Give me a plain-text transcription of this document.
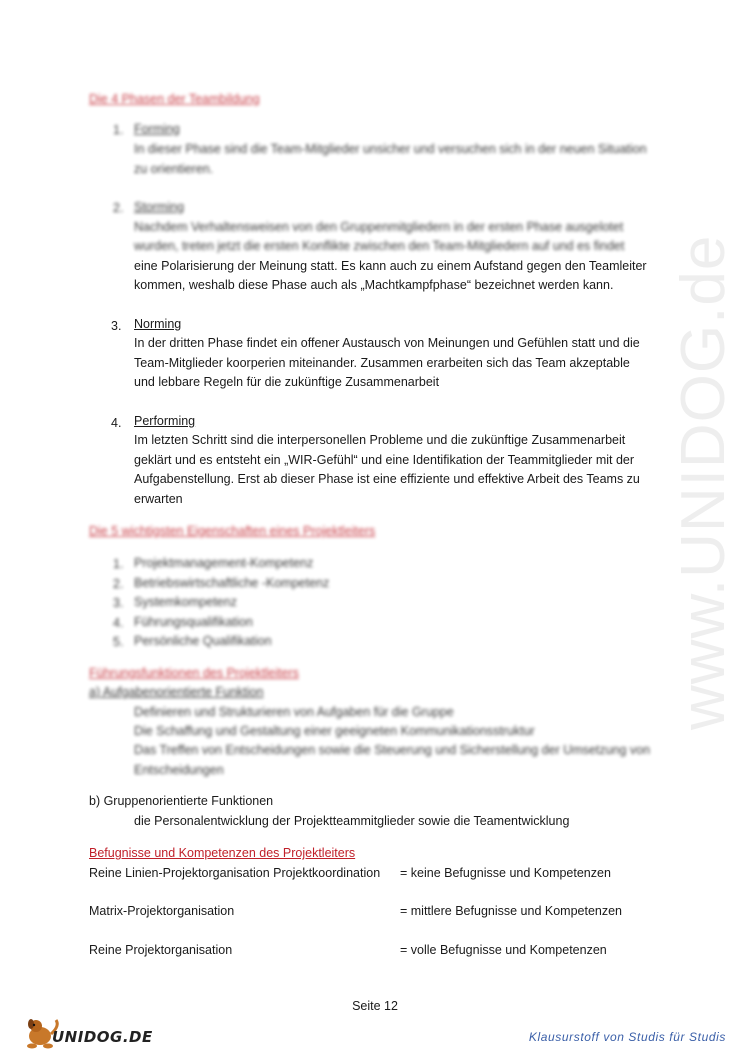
www.UNIDOG.de
Die 4 Phasen der Teambildung
1. Forming
In dieser Phase sind die Team-Mitglieder unsicher und versuchen sich in der neuen Situation
zu orientieren.
2. Storming
Nachdem Verhaltensweisen von den Gruppenmitgliedern in der ersten Phase ausgelotet
wurden, treten jetzt die ersten Konflikte zwischen den Team-Mitgliedern auf und es findet
eine Polarisierung der Meinung statt. Es kann auch zu einem Aufstand gegen den Teamleiter
kommen, weshalb diese Phase auch als „Machtkampfphase“ bezeichnet werden kann.
3. Norming
In der dritten Phase findet ein offener Austausch von Meinungen und Gefühlen statt und die
Team-Mitglieder koorperien miteinander. Zusammen erarbeiten sich das Team akzeptable
und lebbare Regeln für die zukünftige Zusammenarbeit
4. Performing
Im letzten Schritt sind die interpersonellen Probleme und die zukünftige Zusammenarbeit
geklärt und es entsteht ein „WIR-Gefühl“ und eine Identifikation der Teammitglieder mit der
Aufgabenstellung. Erst ab dieser Phase ist eine effiziente und effektive Arbeit des Teams zu
erwarten
Die 5 wichtigsten Eigenschaften eines Projektleiters
1. Projektmanagement-Kompetenz
2. Betriebswirtschaftliche -Kompetenz
3. Systemkompetenz
4. Führungsqualifikation
5. Persönliche Qualifikation
Führungsfunktionen des Projektleiters
a) Aufgabenorientierte Funktion
Definieren und Strukturieren von Aufgaben für die Gruppe
Die Schaffung und Gestaltung einer geeigneten Kommunikationsstruktur
Das Treffen von Entscheidungen sowie die Steuerung und Sicherstellung der Umsetzung von
Entscheidungen
b) Gruppenorientierte Funktionen
die Personalentwicklung der Projektteammitglieder sowie die Teamentwicklung
Befugnisse und Kompetenzen des Projektleiters
Reine Linien-Projektorganisation Projektkoordination = keine Befugnisse und Kompetenzen
Matrix-Projektorganisation	= mittlere Befugnisse und Kompetenzen
Reine Projektorganisation	= volle Befugnisse und Kompetenzen
Seite 12
UNIDOG.DE	Klausurstoff von Studis für Studis
